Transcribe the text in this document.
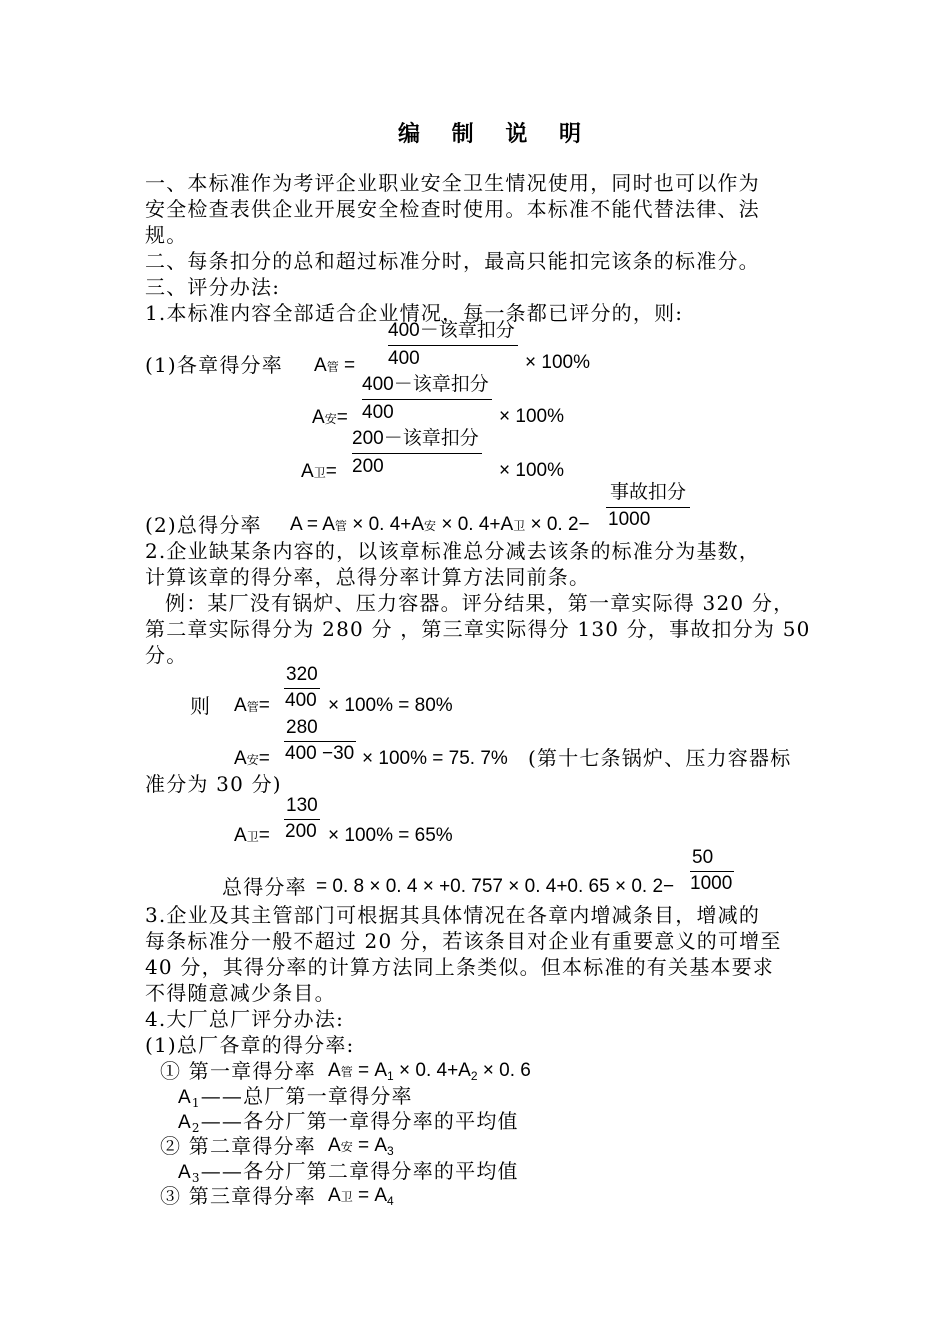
编 制 说 明
一、本标准作为考评企业职业安全卫生情况使用，同时也可以作为
安全检查表供企业开展安全检查时使用。本标准不能代替法律、法
规。
二、每条扣分的总和超过标准分时，最高只能扣完该条的标准分。
三、评分办法:
1.本标准内容全部适合企业情况，每一条都已评分的，则:
(1)各章得分率 A管 =
400－该章扣分
400	× 100%
A安=
400－该章扣分
400	× 100%
A卫=
200－该章扣分
200	× 100%
(2)总得分率 A = A管 × 0. 4+A安 × 0. 4+A卫 × 0. 2−
事故扣分
1000
2.企业缺某条内容的，以该章标准总分减去该条的标准分为基数，
计算该章的得分率，总得分率计算方法同前条。
例：某厂没有锅炉、压力容器。评分结果，第一章实际得 320 分，
第二章实际得分为 280 分 ，第三章实际得分 130 分，事故扣分为 50
分。
则 A管=
320
400 × 100% = 80%
A安=
280
400 −30 × 100% = 75. 7% (第十七条锅炉、压力容器标
准分为 30 分)
A卫=
130
200 × 100% = 65%
总得分率 = 0. 8 × 0. 4 × +0. 757 × 0. 4+0. 65 × 0. 2−
50
1000
3.企业及其主管部门可根据其具体情况在各章内增减条目，增减的
每条标准分一般不超过 20 分，若该条目对企业有重要意义的可增至
40 分，其得分率的计算方法同上条类似。但本标准的有关基本要求
不得随意减少条目。
4.大厂总厂评分办法:
(1)总厂各章的得分率:
① 第一章得分率 A管 = $A_1 \times 0$. $4+A_2 \times 0$. 6
$A_1——$总厂第一章得分率
$A_2——$各分厂第一章得分率的平均值
② 第二章得分率 A安 = $A_3$
$A_3——$各分厂第二章得分率的平均值
③ 第三章得分率 A卫 = $A_4$
